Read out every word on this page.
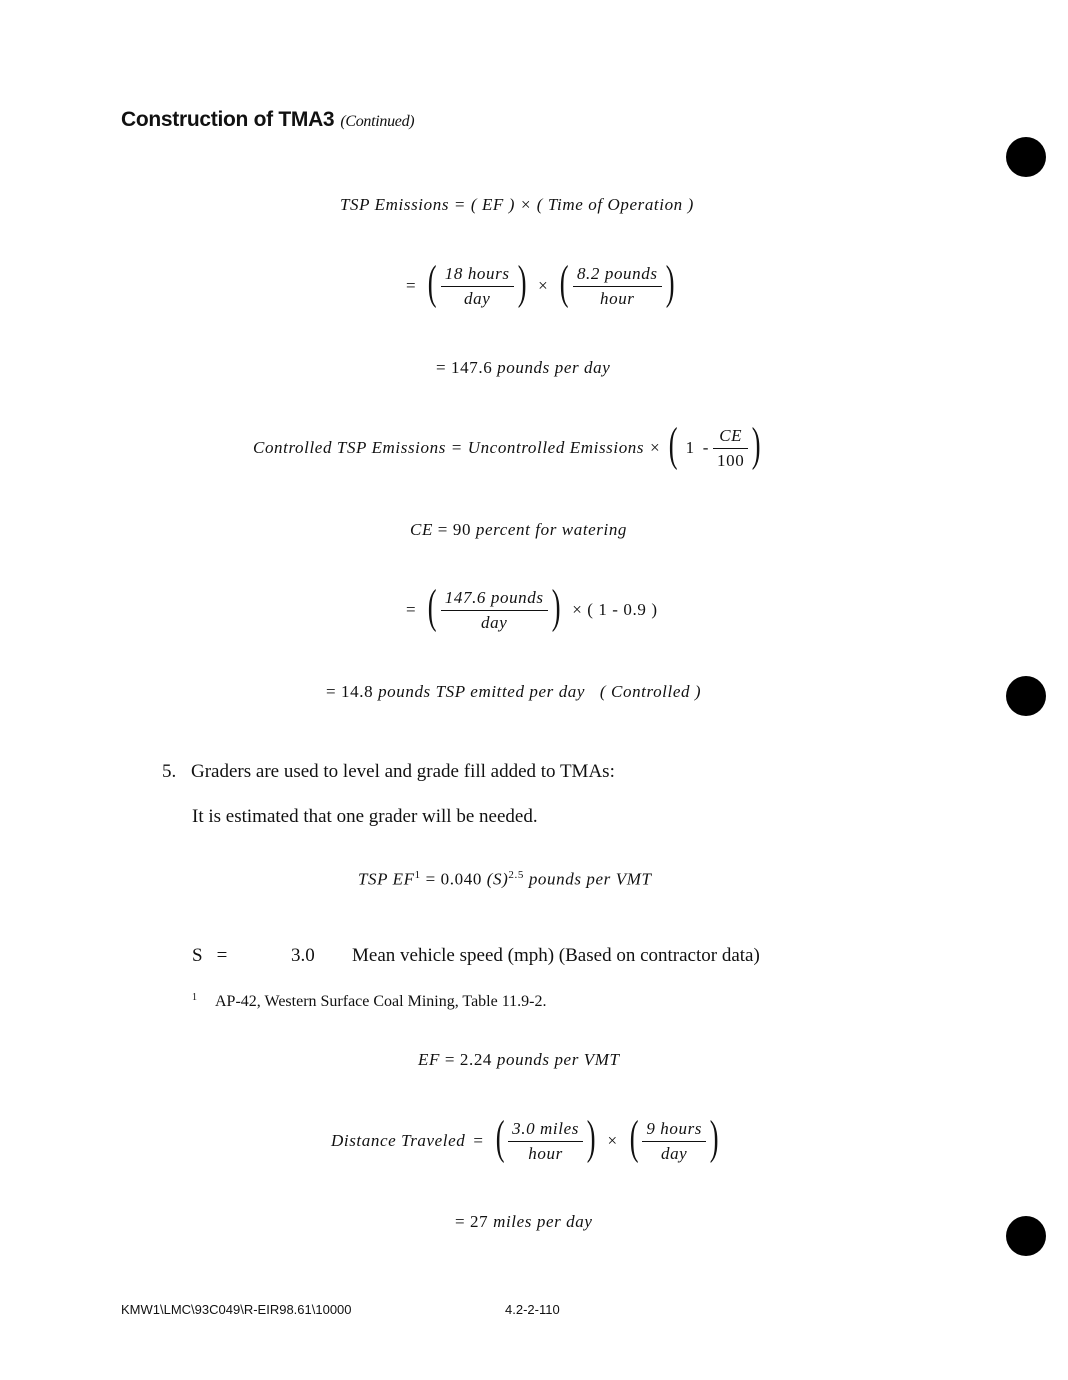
Construction of TMA3 (Continued)
TSP Emissions = ( EF ) × ( Time of Operation )
= ( $\frac{\text{18 hours}}{\text{day}}$ ) × ( $\frac{\text{8.2 pounds}}{\text{hour}}$ )
= 147.6 pounds per day
Controlled TSP Emissions = Uncontrolled Emissions × ( $1 - \frac{CE}{100}$ )
CE = 90 percent for watering
= ( $\frac{\text{147.6 pounds}}{\text{day}}$ ) × ( 1 - 0.9 )
= 14.8 pounds TSP emitted per day ( Controlled )
5. Graders are used to level and grade fill added to TMAs:
It is estimated that one grader will be needed.
TSP $EF^1 = 0.040$ $(S)^{2.5}$ pounds per VMT
S =	3.0 Mean vehicle speed (mph) (Based on contractor data)
$^1$ AP-42, Western Surface Coal Mining, Table 11.9-2.
EF = 2.24 pounds per VMT
Distance Traveled = ( $\frac{\text{3.0 miles}}{\text{hour}}$ ) × ( $\frac{\text{9 hours}}{\text{day}}$ )
= 27 miles per day
KMW1\LMC\93C049\R-EIR98.61\10000	4.2-2-110
